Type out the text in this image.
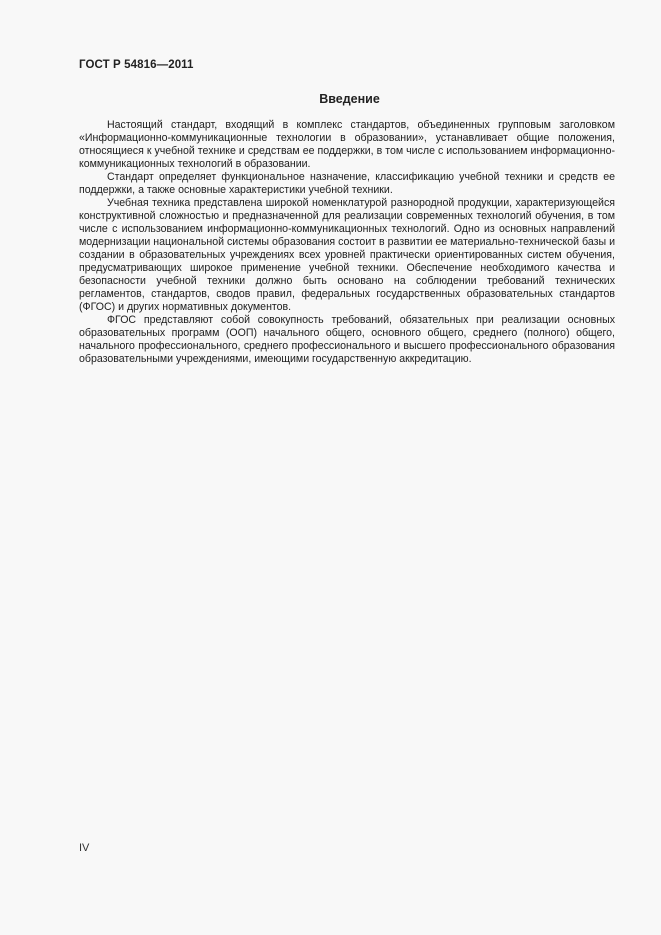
ГОСТ Р 54816—2011
Введение

Настоящий стандарт, входящий в комплекс стандартов, объединенных групповым заголовком «Информационно-коммуникационные технологии в образовании», устанавливает общие положения, относящиеся к учебной технике и средствам ее поддержки, в том числе с использованием информационно-коммуникационных технологий в образовании.

Стандарт определяет функциональное назначение, классификацию учебной техники и средств ее поддержки, а также основные характеристики учебной техники.

Учебная техника представлена широкой номенклатурой разнородной продукции, характеризующейся конструктивной сложностью и предназначенной для реализации современных технологий обучения, в том числе с использованием информационно-коммуникационных технологий. Одно из основных направлений модернизации национальной системы образования состоит в развитии ее материально-технической базы и создании в образовательных учреждениях всех уровней практически ориентированных систем обучения, предусматривающих широкое применение учебной техники. Обеспечение необходимого качества и безопасности учебной техники должно быть основано на соблюдении требований технических регламентов, стандартов, сводов правил, федеральных государственных образовательных стандартов (ФГОС) и других нормативных документов.

ФГОС представляют собой совокупность требований, обязательных при реализации основных образовательных программ (ООП) начального общего, основного общего, среднего (полного) общего, начального профессионального, среднего профессионального и высшего профессионального образования образовательными учреждениями, имеющими государственную аккредитацию.

IV
